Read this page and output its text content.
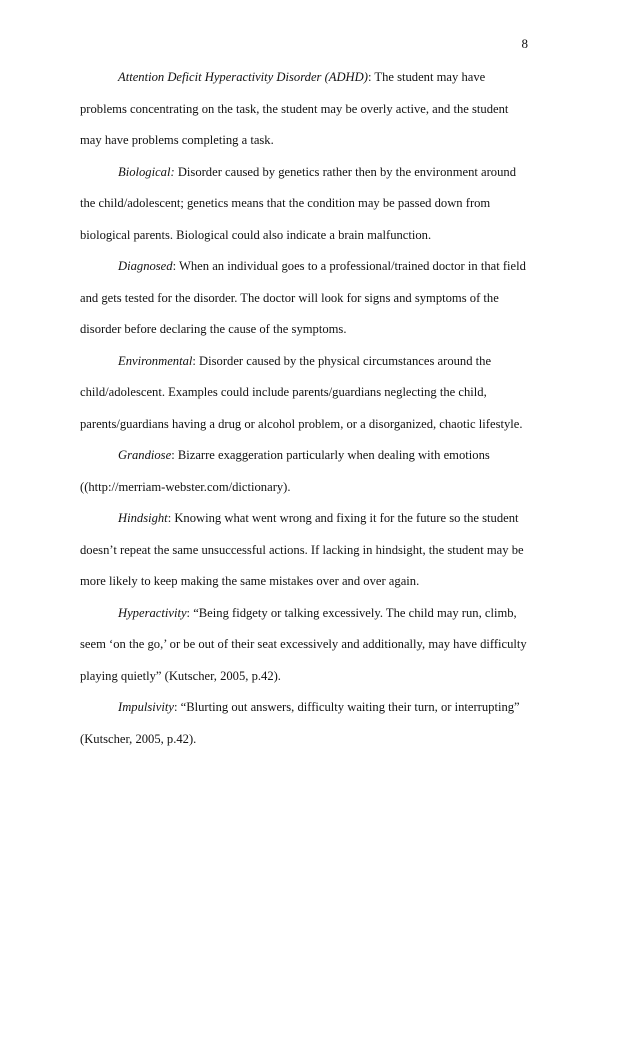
8

Attention Deficit Hyperactivity Disorder (ADHD): The student may have problems concentrating on the task, the student may be overly active, and the student may have problems completing a task.

Biological: Disorder caused by genetics rather then by the environment around the child/adolescent; genetics means that the condition may be passed down from biological parents. Biological could also indicate a brain malfunction.

Diagnosed: When an individual goes to a professional/trained doctor in that field and gets tested for the disorder. The doctor will look for signs and symptoms of the disorder before declaring the cause of the symptoms.

Environmental: Disorder caused by the physical circumstances around the child/adolescent. Examples could include parents/guardians neglecting the child, parents/guardians having a drug or alcohol problem, or a disorganized, chaotic lifestyle.

Grandiose: Bizarre exaggeration particularly when dealing with emotions ((http://merriam-webster.com/dictionary).

Hindsight: Knowing what went wrong and fixing it for the future so the student doesn’t repeat the same unsuccessful actions. If lacking in hindsight, the student may be more likely to keep making the same mistakes over and over again.

Hyperactivity: “Being fidgety or talking excessively. The child may run, climb, seem ‘on the go,’ or be out of their seat excessively and additionally, may have difficulty playing quietly” (Kutscher, 2005, p.42).

Impulsivity: “Blurting out answers, difficulty waiting their turn, or interrupting” (Kutscher, 2005, p.42).
